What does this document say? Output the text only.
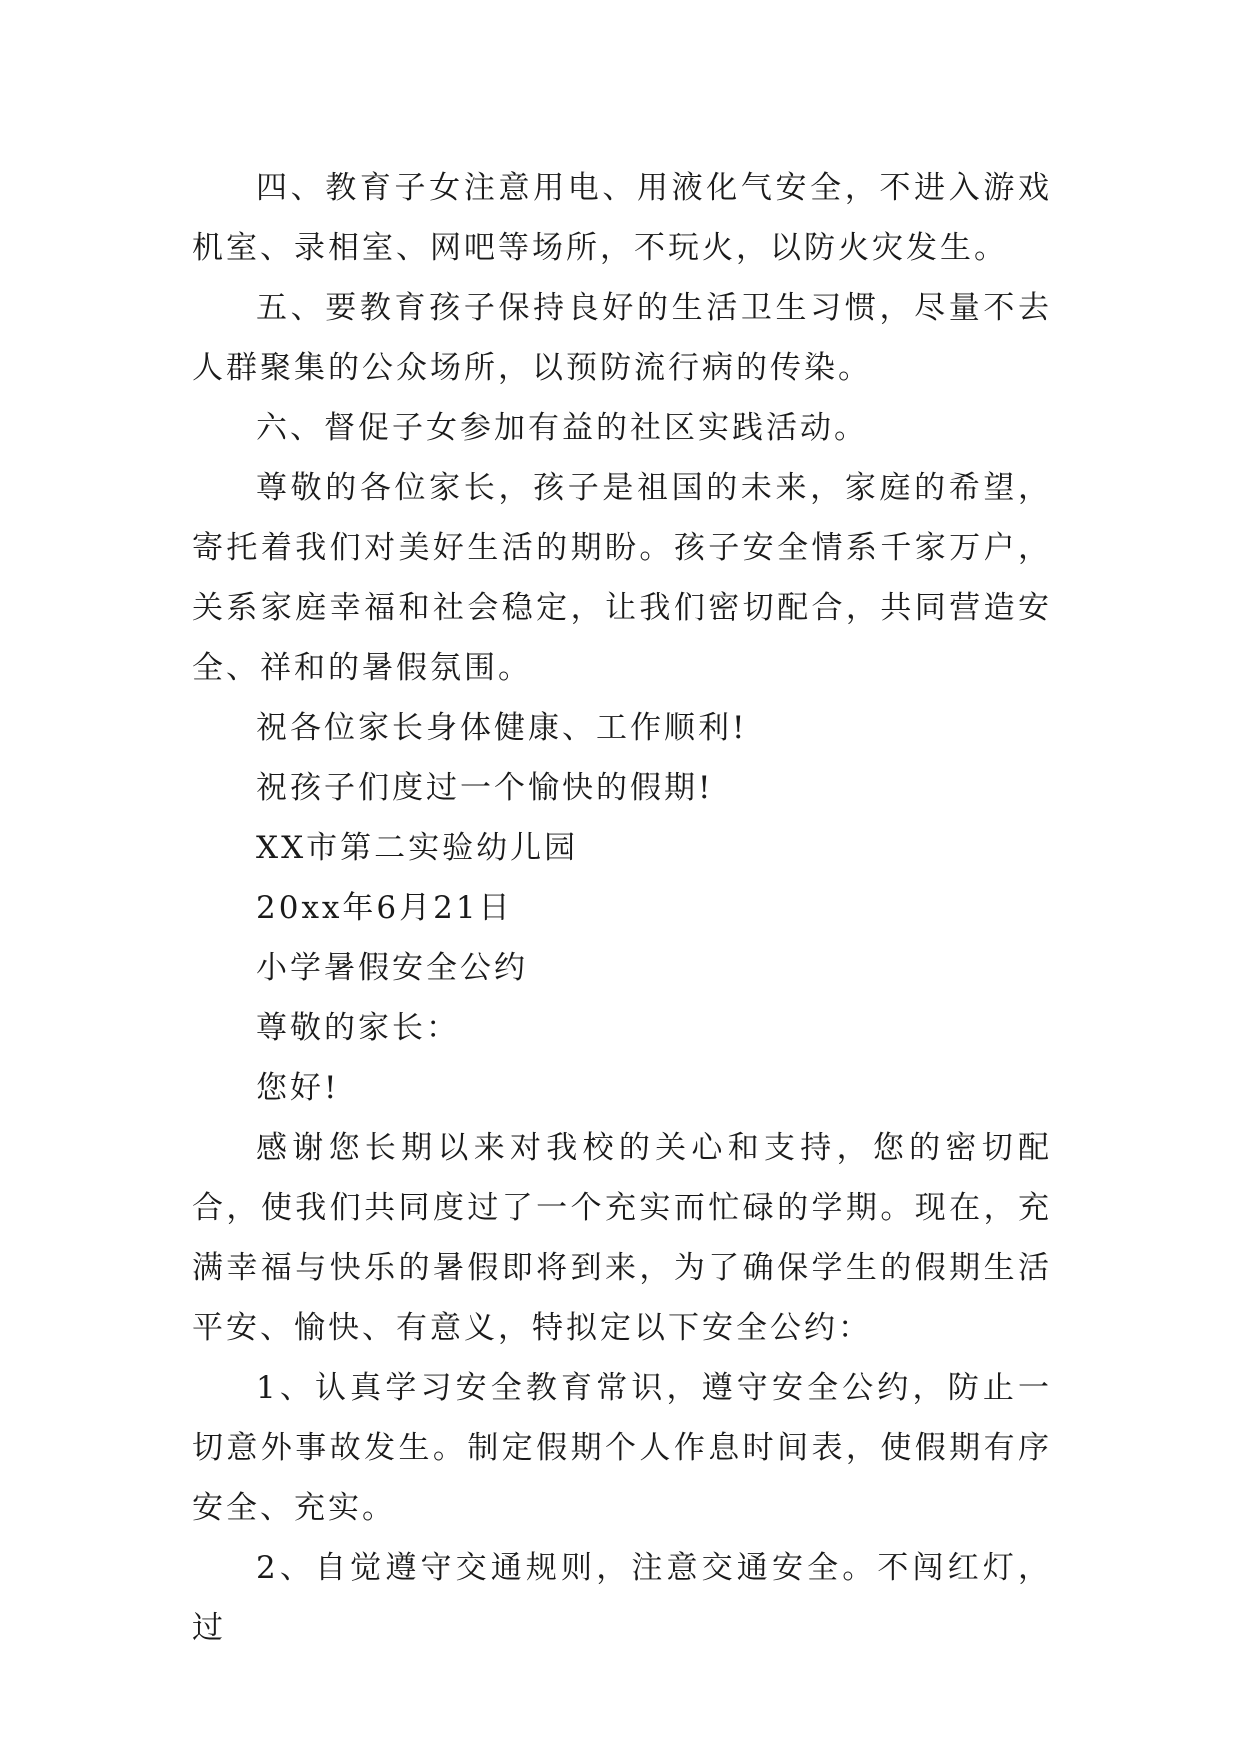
四、教育子女注意用电、用液化气安全，不进入游戏机室、录相室、网吧等场所，不玩火，以防火灾发生。

五、要教育孩子保持良好的生活卫生习惯，尽量不去人群聚集的公众场所，以预防流行病的传染。

六、督促子女参加有益的社区实践活动。

尊敬的各位家长，孩子是祖国的未来，家庭的希望，寄托着我们对美好生活的期盼。孩子安全情系千家万户，关系家庭幸福和社会稳定，让我们密切配合，共同营造安全、祥和的暑假氛围。

祝各位家长身体健康、工作顺利!

祝孩子们度过一个愉快的假期!

XX市第二实验幼儿园

20xx年6月21日

小学暑假安全公约

尊敬的家长：

您好!

感谢您长期以来对我校的关心和支持，您的密切配合，使我们共同度过了一个充实而忙碌的学期。现在，充满幸福与快乐的暑假即将到来，为了确保学生的假期生活平安、愉快、有意义，特拟定以下安全公约：

1、认真学习安全教育常识，遵守安全公约，防止一切意外事故发生。制定假期个人作息时间表，使假期有序安全、充实。

2、自觉遵守交通规则，注意交通安全。不闯红灯，过
